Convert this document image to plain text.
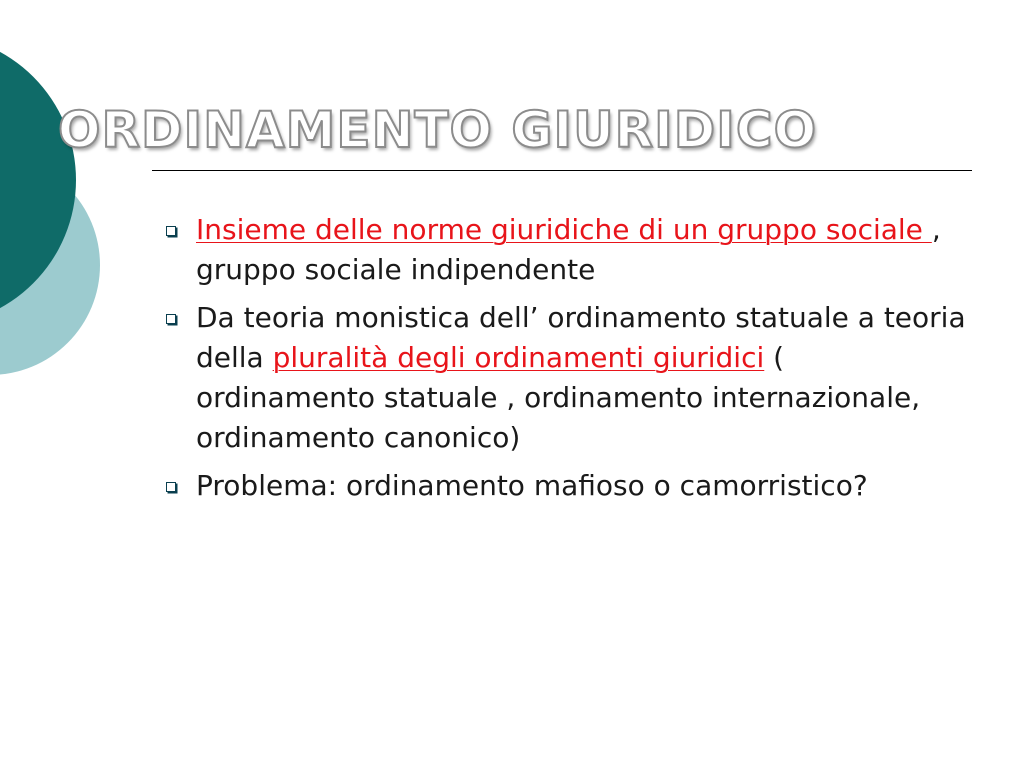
ORDINAMENTO GIURIDICO
Insieme delle norme giuridiche di un gruppo sociale , gruppo sociale indipendente
Da teoria monistica dell’ ordinamento statuale a teoria della pluralità degli ordinamenti giuridici ( ordinamento statuale , ordinamento internazionale, ordinamento canonico)
Problema: ordinamento mafioso o camorristico?
